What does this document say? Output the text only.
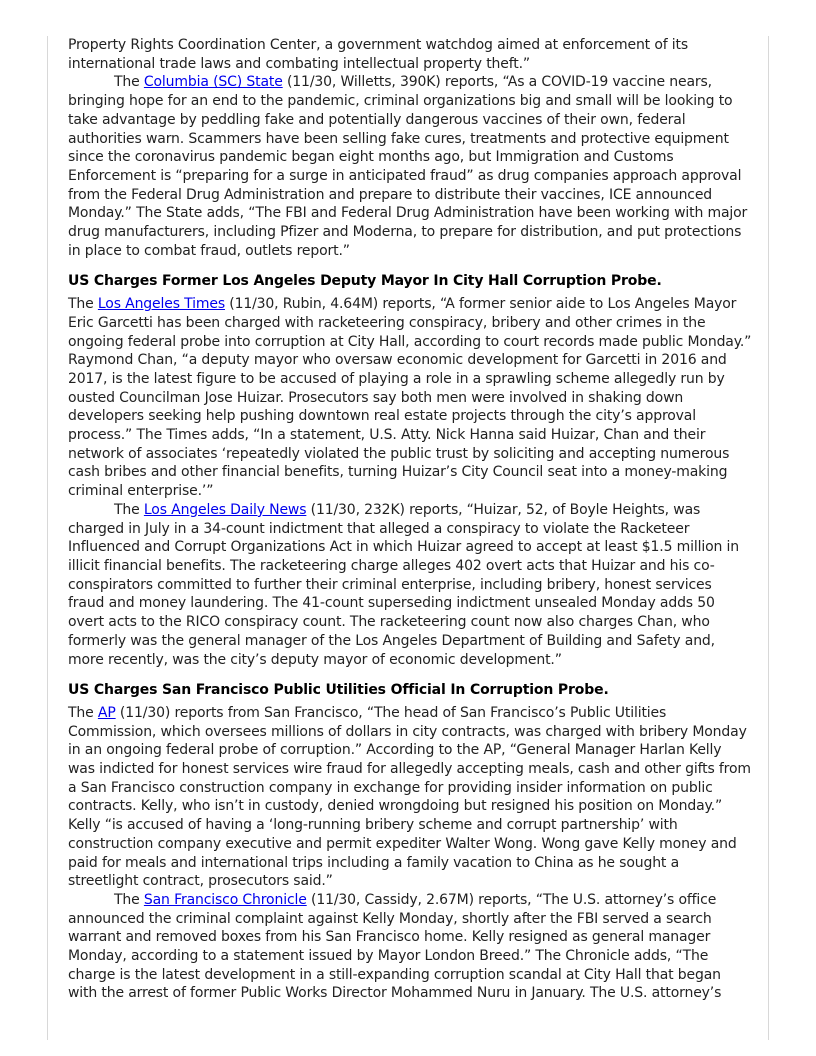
Property Rights Coordination Center, a government watchdog aimed at enforcement of its international trade laws and combating intellectual property theft.”

The Columbia (SC) State (11/30, Willetts, 390K) reports, “As a COVID-19 vaccine nears, bringing hope for an end to the pandemic, criminal organizations big and small will be looking to take advantage by peddling fake and potentially dangerous vaccines of their own, federal authorities warn. Scammers have been selling fake cures, treatments and protective equipment since the coronavirus pandemic began eight months ago, but Immigration and Customs Enforcement is “preparing for a surge in anticipated fraud” as drug companies approach approval from the Federal Drug Administration and prepare to distribute their vaccines, ICE announced Monday.” The State adds, “The FBI and Federal Drug Administration have been working with major drug manufacturers, including Pfizer and Moderna, to prepare for distribution, and put protections in place to combat fraud, outlets report.”

US Charges Former Los Angeles Deputy Mayor In City Hall Corruption Probe.

The Los Angeles Times (11/30, Rubin, 4.64M) reports, “A former senior aide to Los Angeles Mayor Eric Garcetti has been charged with racketeering conspiracy, bribery and other crimes in the ongoing federal probe into corruption at City Hall, according to court records made public Monday.” Raymond Chan, “a deputy mayor who oversaw economic development for Garcetti in 2016 and 2017, is the latest figure to be accused of playing a role in a sprawling scheme allegedly run by ousted Councilman Jose Huizar. Prosecutors say both men were involved in shaking down developers seeking help pushing downtown real estate projects through the city’s approval process.” The Times adds, “In a statement, U.S. Atty. Nick Hanna said Huizar, Chan and their network of associates ‘repeatedly violated the public trust by soliciting and accepting numerous cash bribes and other financial benefits, turning Huizar’s City Council seat into a money-making criminal enterprise.’”

The Los Angeles Daily News (11/30, 232K) reports, “Huizar, 52, of Boyle Heights, was charged in July in a 34-count indictment that alleged a conspiracy to violate the Racketeer Influenced and Corrupt Organizations Act in which Huizar agreed to accept at least $1.5 million in illicit financial benefits. The racketeering charge alleges 402 overt acts that Huizar and his co-conspirators committed to further their criminal enterprise, including bribery, honest services fraud and money laundering. The 41-count superseding indictment unsealed Monday adds 50 overt acts to the RICO conspiracy count. The racketeering count now also charges Chan, who formerly was the general manager of the Los Angeles Department of Building and Safety and, more recently, was the city’s deputy mayor of economic development.”

US Charges San Francisco Public Utilities Official In Corruption Probe.

The AP (11/30) reports from San Francisco, “The head of San Francisco’s Public Utilities Commission, which oversees millions of dollars in city contracts, was charged with bribery Monday in an ongoing federal probe of corruption.” According to the AP, “General Manager Harlan Kelly was indicted for honest services wire fraud for allegedly accepting meals, cash and other gifts from a San Francisco construction company in exchange for providing insider information on public contracts. Kelly, who isn’t in custody, denied wrongdoing but resigned his position on Monday.” Kelly “is accused of having a ‘long-running bribery scheme and corrupt partnership’ with construction company executive and permit expediter Walter Wong. Wong gave Kelly money and paid for meals and international trips including a family vacation to China as he sought a streetlight contract, prosecutors said.”

The San Francisco Chronicle (11/30, Cassidy, 2.67M) reports, “The U.S. attorney’s office announced the criminal complaint against Kelly Monday, shortly after the FBI served a search warrant and removed boxes from his San Francisco home. Kelly resigned as general manager Monday, according to a statement issued by Mayor London Breed.” The Chronicle adds, “The charge is the latest development in a still-expanding corruption scandal at City Hall that began with the arrest of former Public Works Director Mohammed Nuru in January. The U.S. attorney’s
